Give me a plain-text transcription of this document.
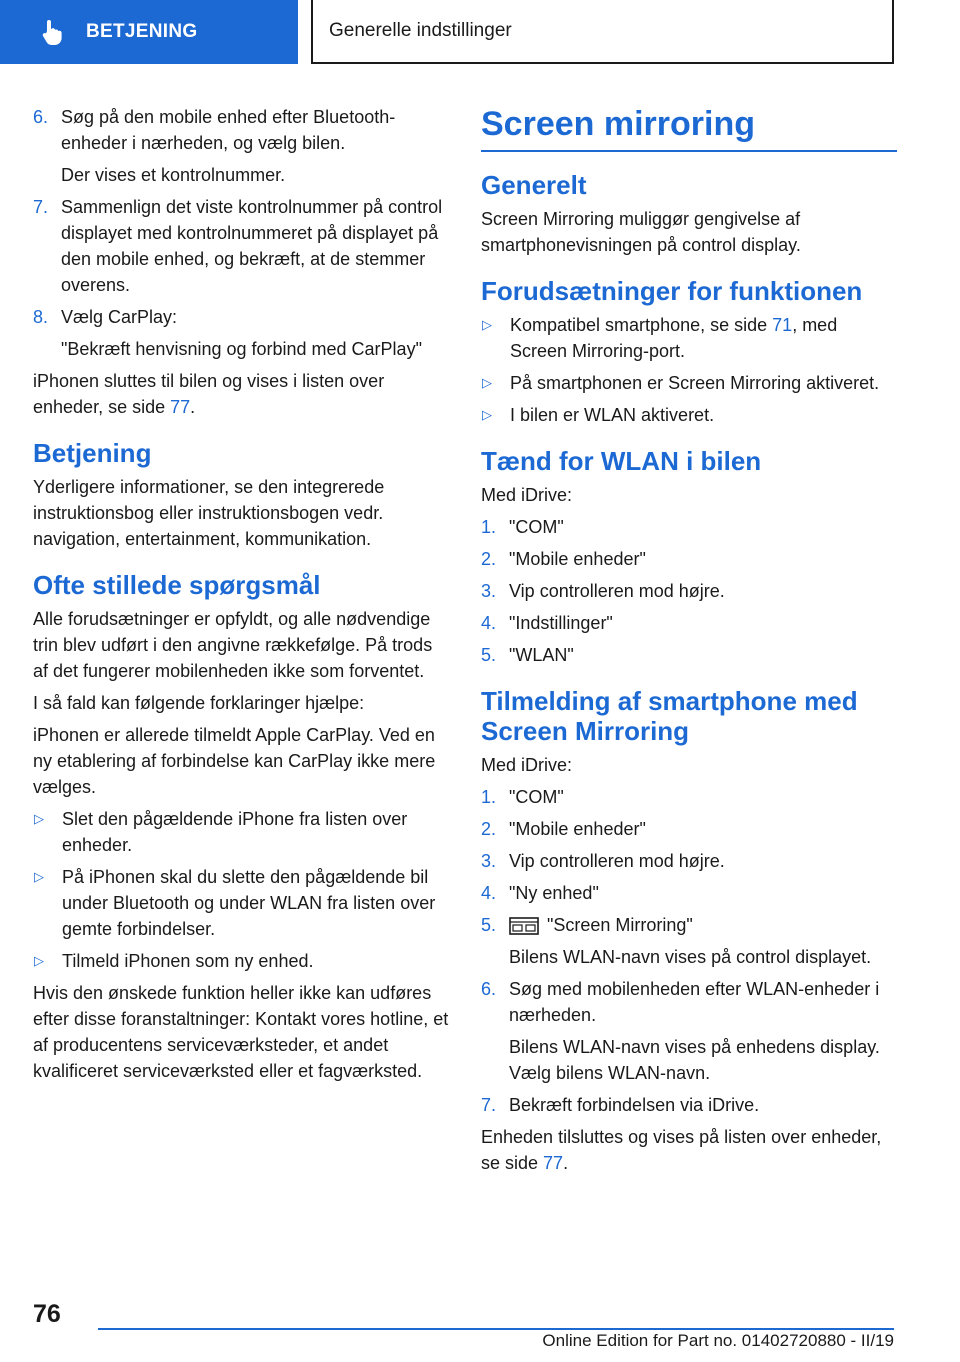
BETJENING	Generelle indstillinger
6. Søg på den mobile enhed efter Bluetooth-enheder i nærheden, og vælg bilen.

Der vises et kontrolnummer.

7. Sammenlign det viste kontrolnummer på control displayet med kontrolnummeret på displayet på den mobile enhed, og bekræft, at de stemmer overens.
8. Vælg CarPlay:

"Bekræft henvisning og forbind med CarPlay"

iPhonen sluttes til bilen og vises i listen over enheder, se side 77.

Betjening

Yderligere informationer, se den integrerede instruktionsbog eller instruktionsbogen vedr. navigation, entertainment, kommunikation.

Ofte stillede spørgsmål

Alle forudsætninger er opfyldt, og alle nødvendige trin blev udført i den angivne rækkefølge. På trods af det fungerer mobilenheden ikke som forventet.

I så fald kan følgende forklaringer hjælpe:

iPhonen er allerede tilmeldt Apple CarPlay. Ved en ny etablering af forbindelse kan CarPlay ikke mere vælges.

▷	Slet den pågældende iPhone fra listen over enheder.
▷	På iPhonen skal du slette den pågældende bil under Bluetooth og under WLAN fra listen over gemte forbindelser.
▷	Tilmeld iPhonen som ny enhed.

Hvis den ønskede funktion heller ikke kan udføres efter disse foranstaltninger: Kontakt vores hotline, et af producentens serviceværksteder, et andet kvalificeret serviceværksted eller et fagværksted.

Screen mirroring
Generelt

Screen Mirroring muliggør gengivelse af smartphonevisningen på control display.

Forudsætninger for funktionen
▷	Kompatibel smartphone, se side 71, med Screen Mirroring-port.
▷	På smartphonen er Screen Mirroring aktiveret.
▷	I bilen er WLAN aktiveret.
Tænd for WLAN i bilen

Med iDrive:

1. "COM"
2. "Mobile enheder"
3. Vip controlleren mod højre.
4. "Indstillinger"
5. "WLAN"
Tilmelding af smartphone med Screen Mirroring

Med iDrive:

1. "COM"
2. "Mobile enheder"
3. Vip controlleren mod højre.
4. "Ny enhed"
5.	"Screen Mirroring"

Bilens WLAN-navn vises på control displayet.

6. Søg med mobilenheden efter WLAN-enheder i nærheden.

Bilens WLAN-navn vises på enhedens display. Vælg bilens WLAN-navn.

7. Bekræft forbindelsen via iDrive.

Enheden tilsluttes og vises på listen over enheder, se side 77.

76
Online Edition for Part no. 01402720880 - II/19
